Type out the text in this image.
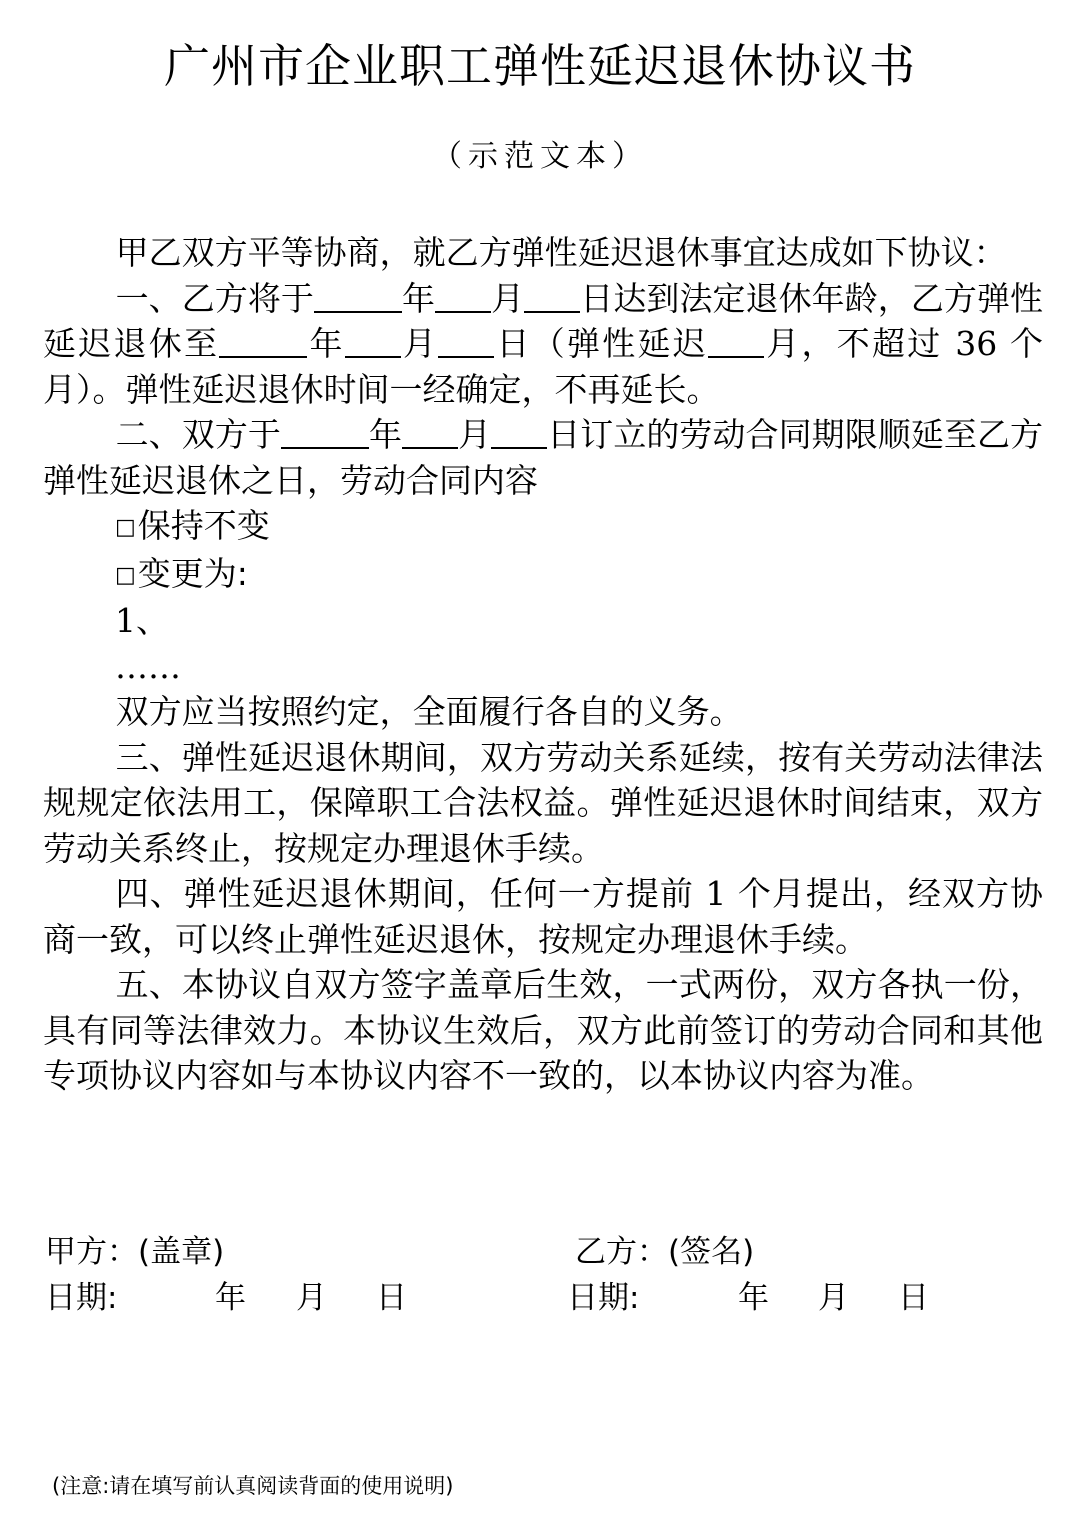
广州市企业职工弹性延迟退休协议书
（示范文本）

甲乙双方平等协商，就乙方弹性延迟退休事宜达成如下协议：

一、乙方将于	年 月 日达到法定退休年龄，乙方弹性延迟退休至	年 月 日（弹性延迟 月，不超过 36 个月）。弹性延迟退休时间一经确定，不再延长。

二、双方于	年 月 日订立的劳动合同期限顺延至乙方弹性延迟退休之日，劳动合同内容

□保持不变

□变更为:

1、

……

双方应当按照约定，全面履行各自的义务。

三、弹性延迟退休期间，双方劳动关系延续，按有关劳动法律法规规定依法用工，保障职工合法权益。弹性延迟退休时间结束，双方劳动关系终止，按规定办理退休手续。

四、弹性延迟退休期间，任何一方提前 1 个月提出，经双方协商一致，可以终止弹性延迟退休，按规定办理退休手续。

五、本协议自双方签字盖章后生效，一式两份，双方各执一份，具有同等法律效力。本协议生效后，双方此前签订的劳动合同和其他专项协议内容如与本协议内容不一致的，以本协议内容为准。

甲方：(盖章)	乙方：(签名)
日期:	年 月 日	日期:	年 月 日
(注意:请在填写前认真阅读背面的使用说明)
